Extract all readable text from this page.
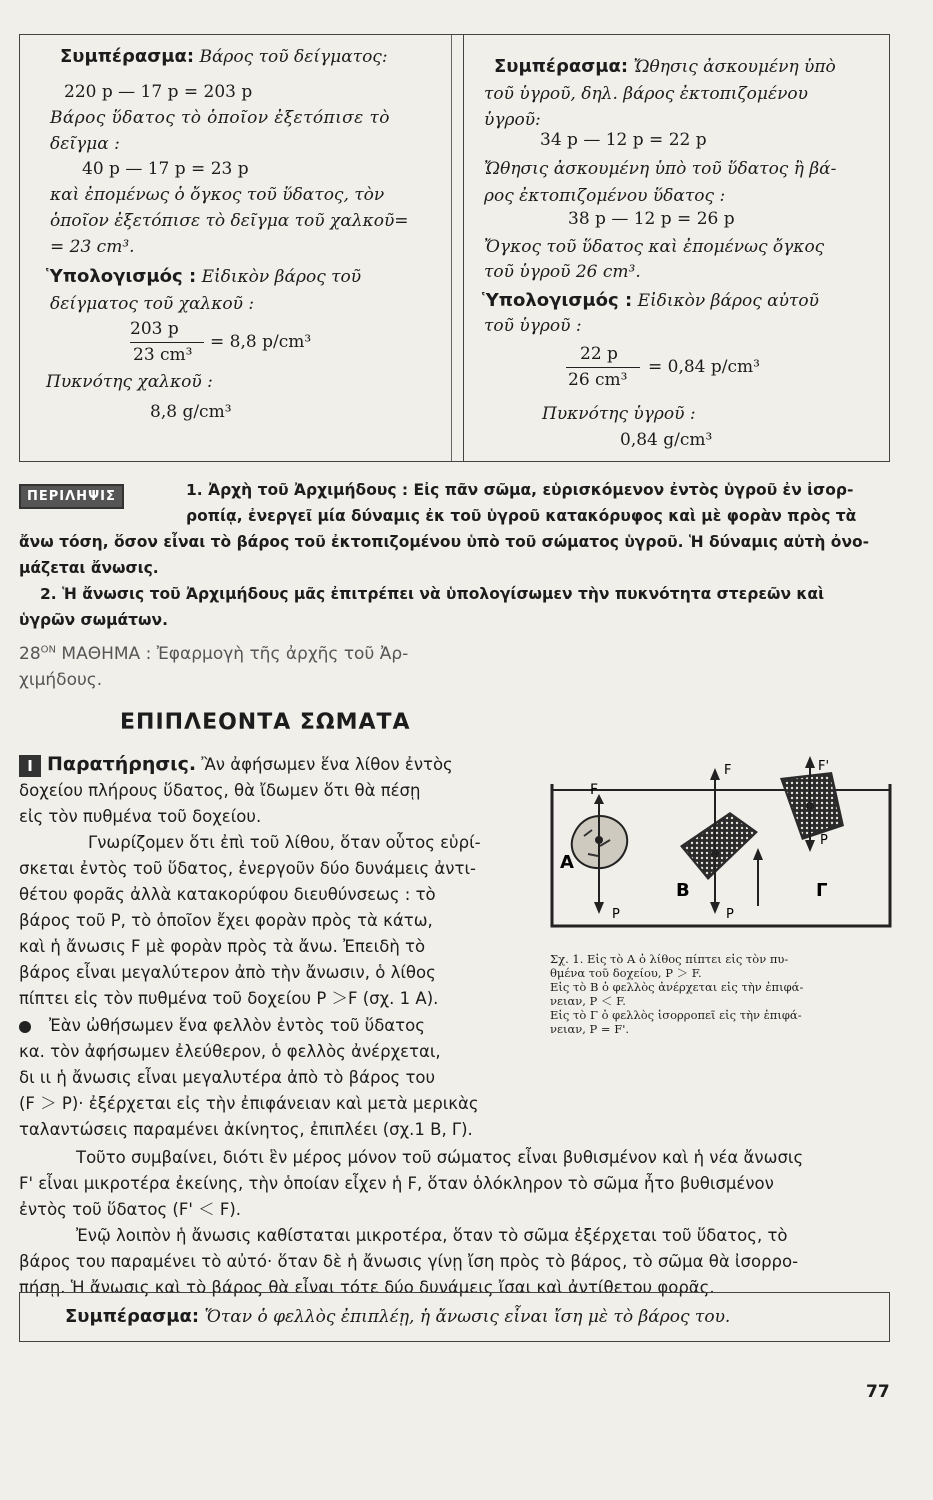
Συμπέρασμα: Βάρος τοῦ δείγματος:
220 p — 17 p = 203 p
Βάρος ὕδατος τὸ ὁποῖον ἐξετόπισε τὸ
δεῖγμα :
40 p — 17 p = 23 p
καὶ ἐπομένως ὁ ὄγκος τοῦ ὕδατος, τὸν
ὁποῖον ἐξετόπισε τὸ δεῖγμα τοῦ χαλκοῦ=
= 23 cm³.
Ὑπολογισμός : Εἰδικὸν βάρος τοῦ
δείγματος τοῦ χαλκοῦ :
203 p
23 cm³
= 8,8 p/cm³
Πυκνότης χαλκοῦ :
8,8 g/cm³
Συμπέρασμα: Ὤθησις ἀσκουμένη ὑπὸ
τοῦ ὑγροῦ, δηλ. βάρος ἐκτοπιζομένου
ὑγροῦ:
34 p — 12 p = 22 p
Ὤθησις ἀσκουμένη ὑπὸ τοῦ ὕδατος ἢ βά-
ρος ἐκτοπιζομένου ὕδατος :
38 p — 12 p = 26 p
Ὄγκος τοῦ ὕδατος καὶ ἐπομένως ὄγκος
τοῦ ὑγροῦ 26 cm³.
Ὑπολογισμός : Εἰδικὸν βάρος αὐτοῦ
τοῦ ὑγροῦ :
22 p
26 cm³
= 0,84 p/cm³
Πυκνότης ὑγροῦ :
0,84 g/cm³
ΠΕΡΙΛΗΨΙΣ	1. Ἀρχὴ τοῦ Ἀρχιμήδους : Εἰς πᾶν σῶμα, εὑρισκόμενον ἐντὸς ὑγροῦ ἐν ἰσορ-
ροπίᾳ, ἐνεργεῖ μία δύναμις ἐκ τοῦ ὑγροῦ κατακόρυφος καὶ μὲ φορὰν πρὸς τὰ
ἄνω τόση, ὅσον εἶναι τὸ βάρος τοῦ ἐκτοπιζομένου ὑπὸ τοῦ σώματος ὑγροῦ. Ἡ δύναμις αὐτὴ ὀνο-
μάζεται ἄνωσις.
2. Ἡ ἄνωσις τοῦ Ἀρχιμήδους μᾶς ἐπιτρέπει νὰ ὑπολογίσωμεν τὴν πυκνότητα στερεῶν καὶ
ὑγρῶν σωμάτων.
$28^{ON}$ ΜΑΘΗΜΑ : Ἐφαρμογὴ τῆς ἀρχῆς τοῦ Ἀρ-
χιμήδους.
ΕΠΙΠΛΕΟΝΤΑ ΣΩΜΑΤΑ
I Παρατήρησις. Ἂν ἀφήσωμεν ἕνα λίθον ἐντὸς
δοχείου πλήρους ὕδατος, θὰ ἴδωμεν ὅτι θὰ πέσῃ
εἰς τὸν πυθμένα τοῦ δοχείου.
Γνωρίζομεν ὅτι ἐπὶ τοῦ λίθου, ὅταν οὗτος εὑρί-
σκεται ἐντὸς τοῦ ὕδατος, ἐνεργοῦν δύο δυνάμεις ἀντι-
θέτου φορᾶς ἀλλὰ κατακορύφου διευθύνσεως : τὸ
βάρος τοῦ P, τὸ ὁποῖον ἔχει φορὰν πρὸς τὰ κάτω,
καὶ ἡ ἄνωσις F μὲ φορὰν πρὸς τὰ ἄνω. Ἐπειδὴ τὸ
βάρος εἶναι μεγαλύτερον ἀπὸ τὴν ἄνωσιν, ὁ λίθος
πίπτει εἰς τὸν πυθμένα τοῦ δοχείου P ＞F (σχ. 1 A).
Ἐὰν ὠθήσωμεν ἕνα φελλὸν ἐντὸς τοῦ ὕδατος
κα. τὸν ἀφήσωμεν ἐλεύθερον, ὁ φελλὸς ἀνέρχεται,
δι ɩι ἡ ἄνωσις εἶναι μεγαλυτέρα ἀπὸ τὸ βάρος του
(F ＞ P)· ἐξέρχεται εἰς τὴν ἐπιφάνειαν καὶ μετὰ μερικὰς
ταλαντώσεις παραμένει ἀκίνητος, ἐπιπλέει (σχ.1 B, Γ).
Τοῦτο συμβαίνει, διότι ἓν μέρος μόνον τοῦ σώματος εἶναι βυθισμένον καὶ ἡ νέα ἄνωσις
F' εἶναι μικροτέρα ἐκείνης, τὴν ὁποίαν εἶχεν ἡ F, ὅταν ὁλόκληρον τὸ σῶμα ἦτο βυθισμένον
ἐντὸς τοῦ ὕδατος (F' ＜ F).
Ἐνῷ λοιπὸν ἡ ἄνωσις καθίσταται μικροτέρα, ὅταν τὸ σῶμα ἐξέρχεται τοῦ ὕδατος, τὸ
βάρος του παραμένει τὸ αὐτό· ὅταν δὲ ἡ ἄνωσις γίνῃ ἴση πρὸς τὸ βάρος, τὸ σῶμα θὰ ἰσορρο-
πήσῃ. Ἡ ἄνωσις καὶ τὸ βάρος θὰ εἶναι τότε δύο δυνάμεις ἴσαι καὶ ἀντίθετου φορᾶς.
F
P
A
F
P
B
F'
P
Γ
Σχ. 1. Εἰς τὸ A ὁ λίθος πίπτει εἰς τὸν πυ-
θμένα τοῦ δοχείου, P ＞ F.
Εἰς τὸ B ὁ φελλὸς ἀνέρχεται εἰς τὴν ἐπιφά-
νειαν, P ＜ F.
Εἰς τὸ Γ ὁ φελλὸς ἰσορροπεῖ εἰς τὴν ἐπιφά-
νειαν, P = F'.
Συμπέρασμα: Ὅταν ὁ φελλὸς ἐπιπλέῃ, ἡ ἄνωσις εἶναι ἴση μὲ τὸ βάρος του.
77
